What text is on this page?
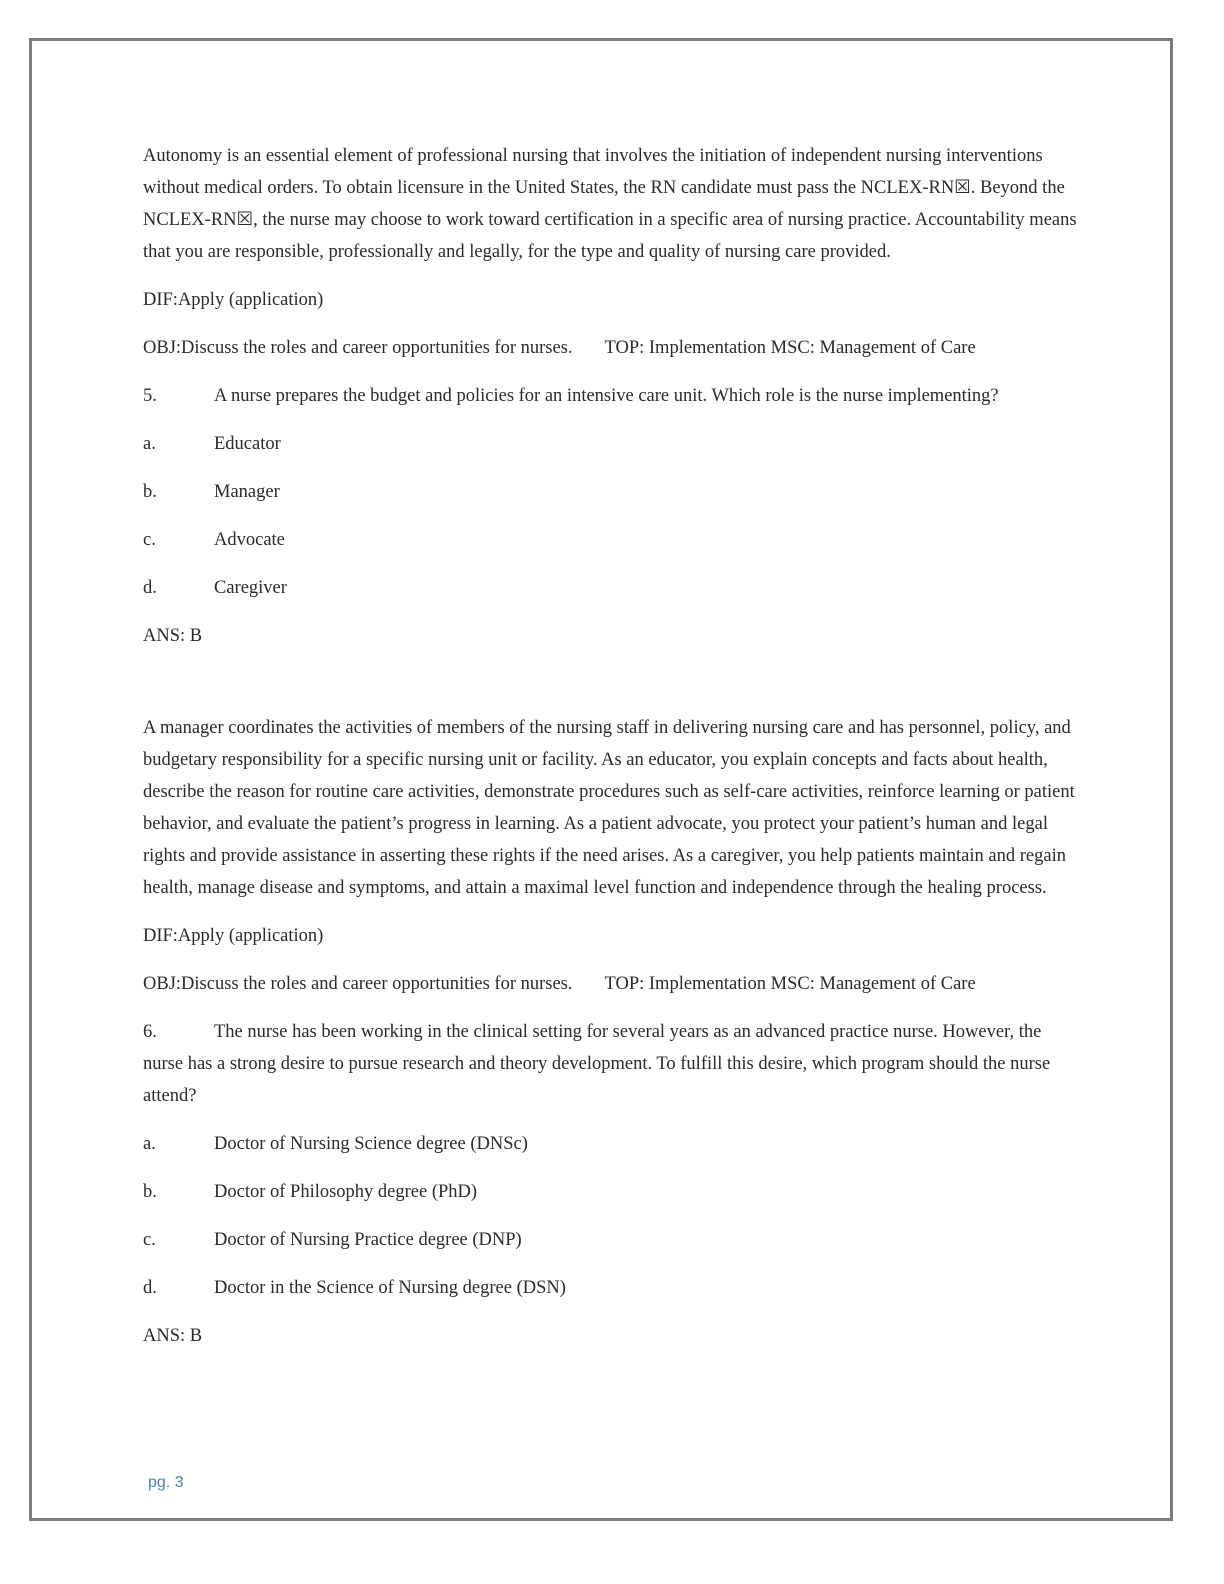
Autonomy is an essential element of professional nursing that involves the initiation of independent nursing interventions without medical orders. To obtain licensure in the United States, the RN candidate must pass the NCLEX-RN☒. Beyond the NCLEX-RN☒, the nurse may choose to work toward certification in a specific area of nursing practice. Accountability means that you are responsible, professionally and legally, for the type and quality of nursing care provided.

DIF:Apply (application)

OBJ:Discuss the roles and career opportunities for nurses. TOP: Implementation MSC: Management of Care

5.	A nurse prepares the budget and policies for an intensive care unit. Which role is the nurse implementing?

a.	Educator

b.	Manager

c.	Advocate

d.	Caregiver

ANS: B

A manager coordinates the activities of members of the nursing staff in delivering nursing care and has personnel, policy, and budgetary responsibility for a specific nursing unit or facility. As an educator, you explain concepts and facts about health, describe the reason for routine care activities, demonstrate procedures such as self-care activities, reinforce learning or patient behavior, and evaluate the patient’s progress in learning. As a patient advocate, you protect your patient’s human and legal rights and provide assistance in asserting these rights if the need arises. As a caregiver, you help patients maintain and regain health, manage disease and symptoms, and attain a maximal level function and independence through the healing process.

DIF:Apply (application)

OBJ:Discuss the roles and career opportunities for nurses. TOP: Implementation MSC: Management of Care

6.	The nurse has been working in the clinical setting for several years as an advanced practice nurse. However, the nurse has a strong desire to pursue research and theory development. To fulfill this desire, which program should the nurse attend?

a.	Doctor of Nursing Science degree (DNSc)

b.	Doctor of Philosophy degree (PhD)

c.	Doctor of Nursing Practice degree (DNP)

d.	Doctor in the Science of Nursing degree (DSN)

ANS: B

pg. 3
